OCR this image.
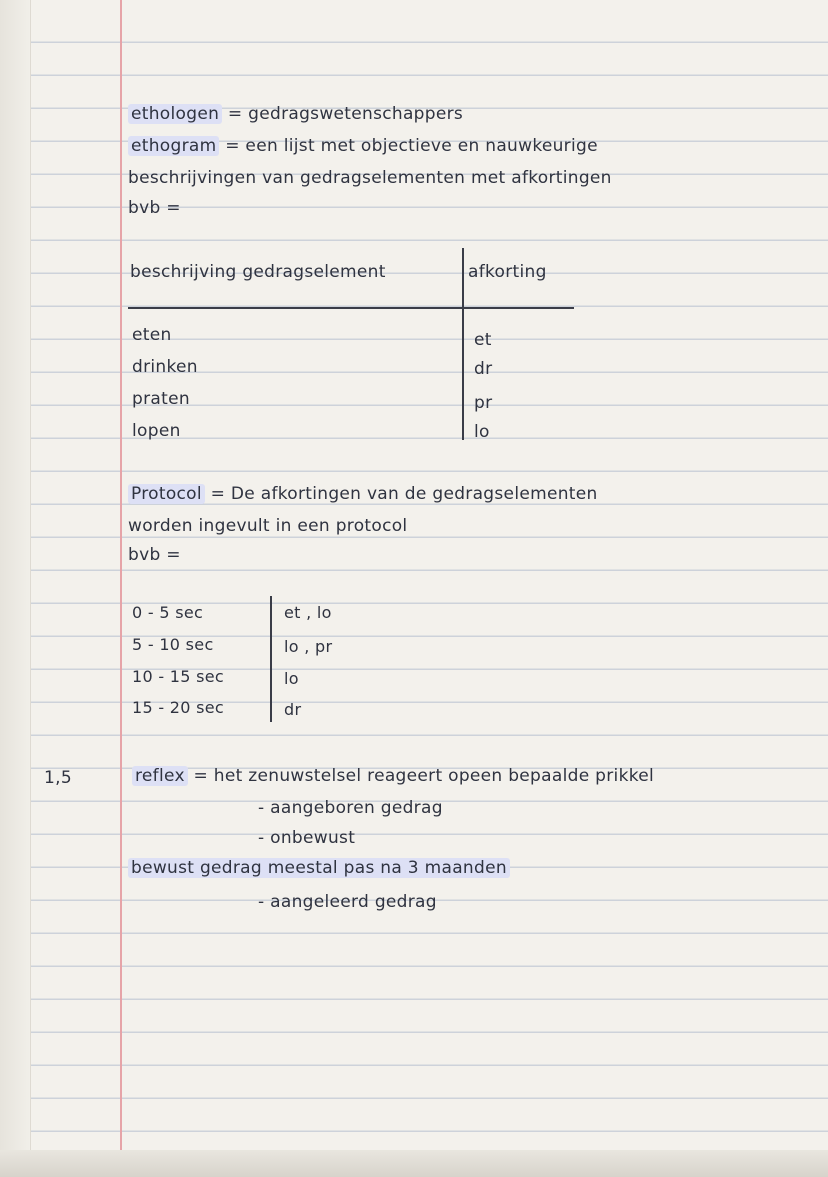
ethologen = gedragswetenschappers
ethogram = een lijst met objectieve en nauwkeurige
beschrijvingen van gedragselementen met afkortingen
bvb =
beschrijving gedragselement	afkorting
eten	et
drinken	dr
praten	pr
lopen	lo
Protocol = De afkortingen van de gedragselementen
worden ingevult in een protocol
bvb =
0 - 5 sec	et , lo
5 - 10 sec	lo , pr
10 - 15 sec	lo
15 - 20 sec	dr
1,5	reflex = het zenuwstelsel reageert opeen bepaalde prikkel
- aangeboren gedrag
- onbewust
bewust gedrag meestal pas na 3 maanden
- aangeleerd gedrag
